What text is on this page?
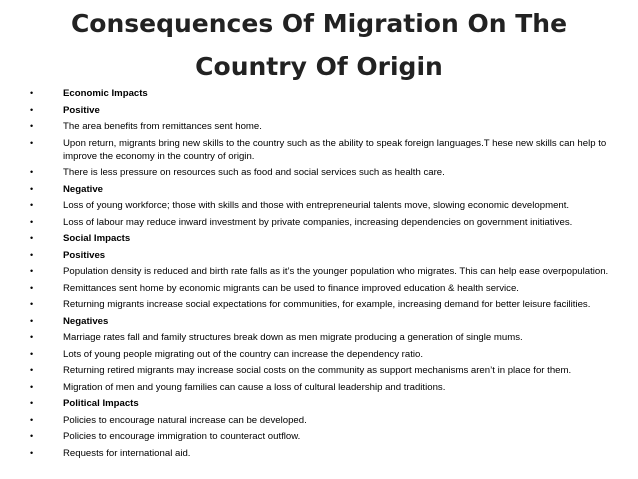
Consequences Of Migration On The
Country Of Origin
•	Economic Impacts
•	Positive
•	The area benefits from remittances sent home.
•	Upon return, migrants bring new skills to the country such as the ability to speak foreign languages.T hese new skills can help to improve the economy in the country of origin.
•	There is less pressure on resources such as food and social services such as health care.
•	Negative
•	Loss of young workforce; those with skills and those with entrepreneurial talents move, slowing economic development.
•	Loss of labour may reduce inward investment by private companies, increasing dependencies on government initiatives.
•	Social Impacts
•	Positives
•	Population density is reduced and birth rate falls as it’s the younger population who migrates. This can help ease overpopulation.
•	Remittances sent home by economic migrants can be used to finance improved education & health service.
•	Returning migrants increase social expectations for communities, for example, increasing demand for better leisure facilities.
•	Negatives
•	Marriage rates fall and family structures break down as men migrate producing a generation of single mums.
•	Lots of young people migrating out of the country can increase the dependency ratio.
•	Returning retired migrants may increase social costs on the community as support mechanisms aren’t in place for them.
•	Migration of men and young families can cause a loss of cultural leadership and traditions.
•	Political Impacts
•	Policies to encourage natural increase can be developed.
•	Policies to encourage immigration to counteract outflow.
•	Requests for international aid.
